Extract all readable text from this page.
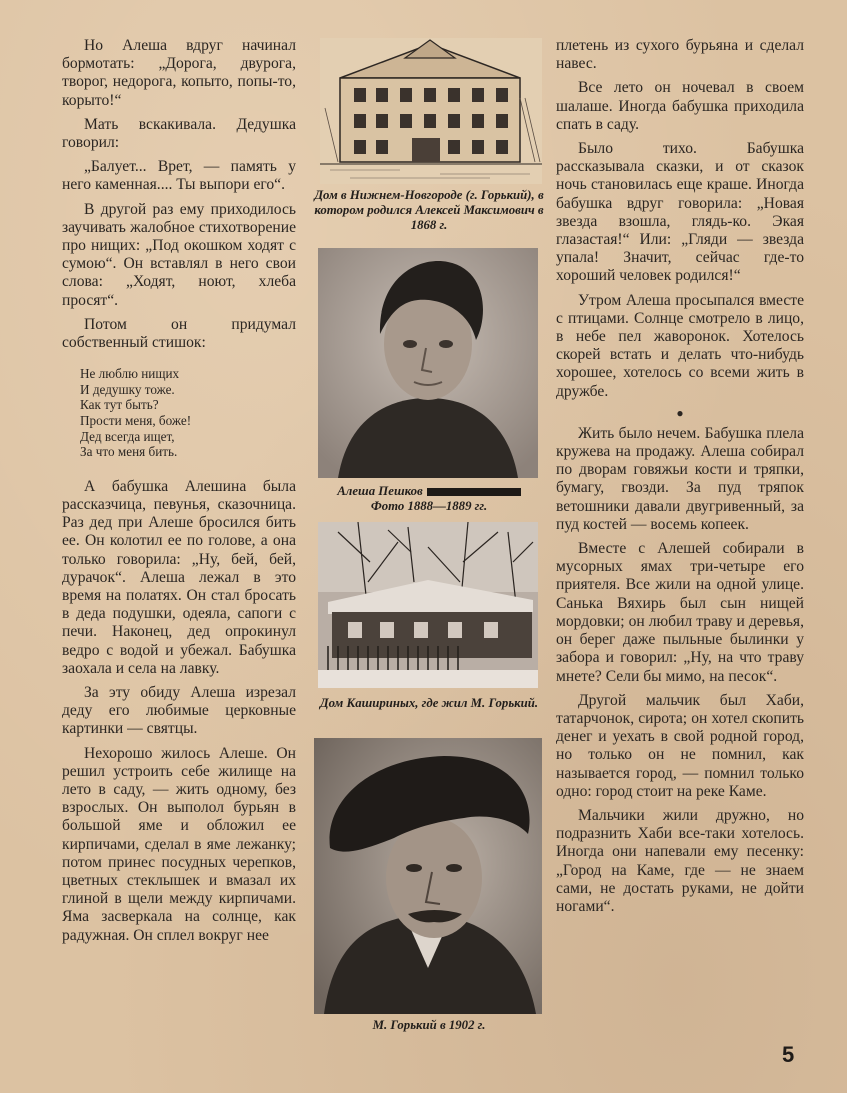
Но Алеша вдруг начинал бормотать: „Дорога, двурога, творог, недорога, копыто, попы-то, корыто!“

Мать вскакивала. Дедушка говорил:

„Балует... Врет, — память у него каменная.... Ты выпори его“.

В другой раз ему приходилось заучивать жалобное стихотворение про нищих: „Под окошком ходят с сумою“. Он вставлял в него свои слова: „Ходят, ноют, хлеба просят“.

Потом он придумал собственный стишок:

Не люблю нищих
И дедушку тоже.
Как тут быть?
Прости меня, боже!
Дед всегда ищет,
За что меня бить.

А бабушка Алешина была рассказчица, певунья, сказочница. Раз дед при Алеше бросился бить ее. Он колотил ее по голове, а она только говорила: „Ну, бей, бей, дурачок“. Алеша лежал в это время на полатях. Он стал бросать в деда подушки, одеяла, сапоги с печи. Наконец, дед опрокинул ведро с водой и убежал. Бабушка заохала и села на лавку.

За эту обиду Алеша изрезал деду его любимые церковные картинки — святцы.

Нехорошо жилось Алеше. Он решил устроить себе жилище на лето в саду, — жить одному, без взрослых. Он выполол бурьян в большой яме и обложил ее кирпичами, сделал в яме лежанку; потом принес посудных черепков, цветных стеклышек и вмазал их глиной в щели между кирпичами. Яма засверкала на солнце, как радужная. Он сплел вокруг нее

Дом в Нижнем-Новгороде (г. Горький), в котором родился Алексей Максимович в 1868 г.
Алеша Пешков
Фото 1888—1889 гг.
Дом Кашириных, где жил М. Горький.
М. Горький в 1902 г.

плетень из сухого бурьяна и сделал навес.

Все лето он ночевал в своем шалаше. Иногда бабушка приходила спать в саду.

Было тихо. Бабушка рассказывала сказки, и от сказок ночь становилась еще краше. Иногда бабушка вдруг говорила: „Новая звезда взошла, глядь-ко. Экая глазастая!“ Или: „Гляди — звезда упала! Значит, сейчас где-то хороший человек родился!“

Утром Алеша просыпался вместе с птицами. Солнце смотрело в лицо, в небе пел жаворонок. Хотелось скорей встать и делать что-нибудь хорошее, хотелось со всеми жить в дружбе.

●

Жить было нечем. Бабушка плела кружева на продажу. Алеша собирал по дворам говяжьи кости и тряпки, бумагу, гвозди. За пуд тряпок ветошники давали двугривенный, за пуд костей — восемь копеек.

Вместе с Алешей собирали в мусорных ямах три-четыре его приятеля. Все жили на одной улице. Санька Вяхирь был сын нищей мордовки; он любил траву и деревья, он берег даже пыльные былинки у забора и говорил: „Ну, на что траву мнете? Сели бы мимо, на песок“.

Другой мальчик был Хаби, татарчонок, сирота; он хотел скопить денег и уехать в свой родной город, но только он не помнил, как называется город, — помнил только одно: город стоит на реке Каме.

Мальчики жили дружно, но подразнить Хаби все-таки хотелось. Иногда они напевали ему песенку: „Город на Каме, где — не знаем сами, не достать руками, не дойти ногами“.

5
